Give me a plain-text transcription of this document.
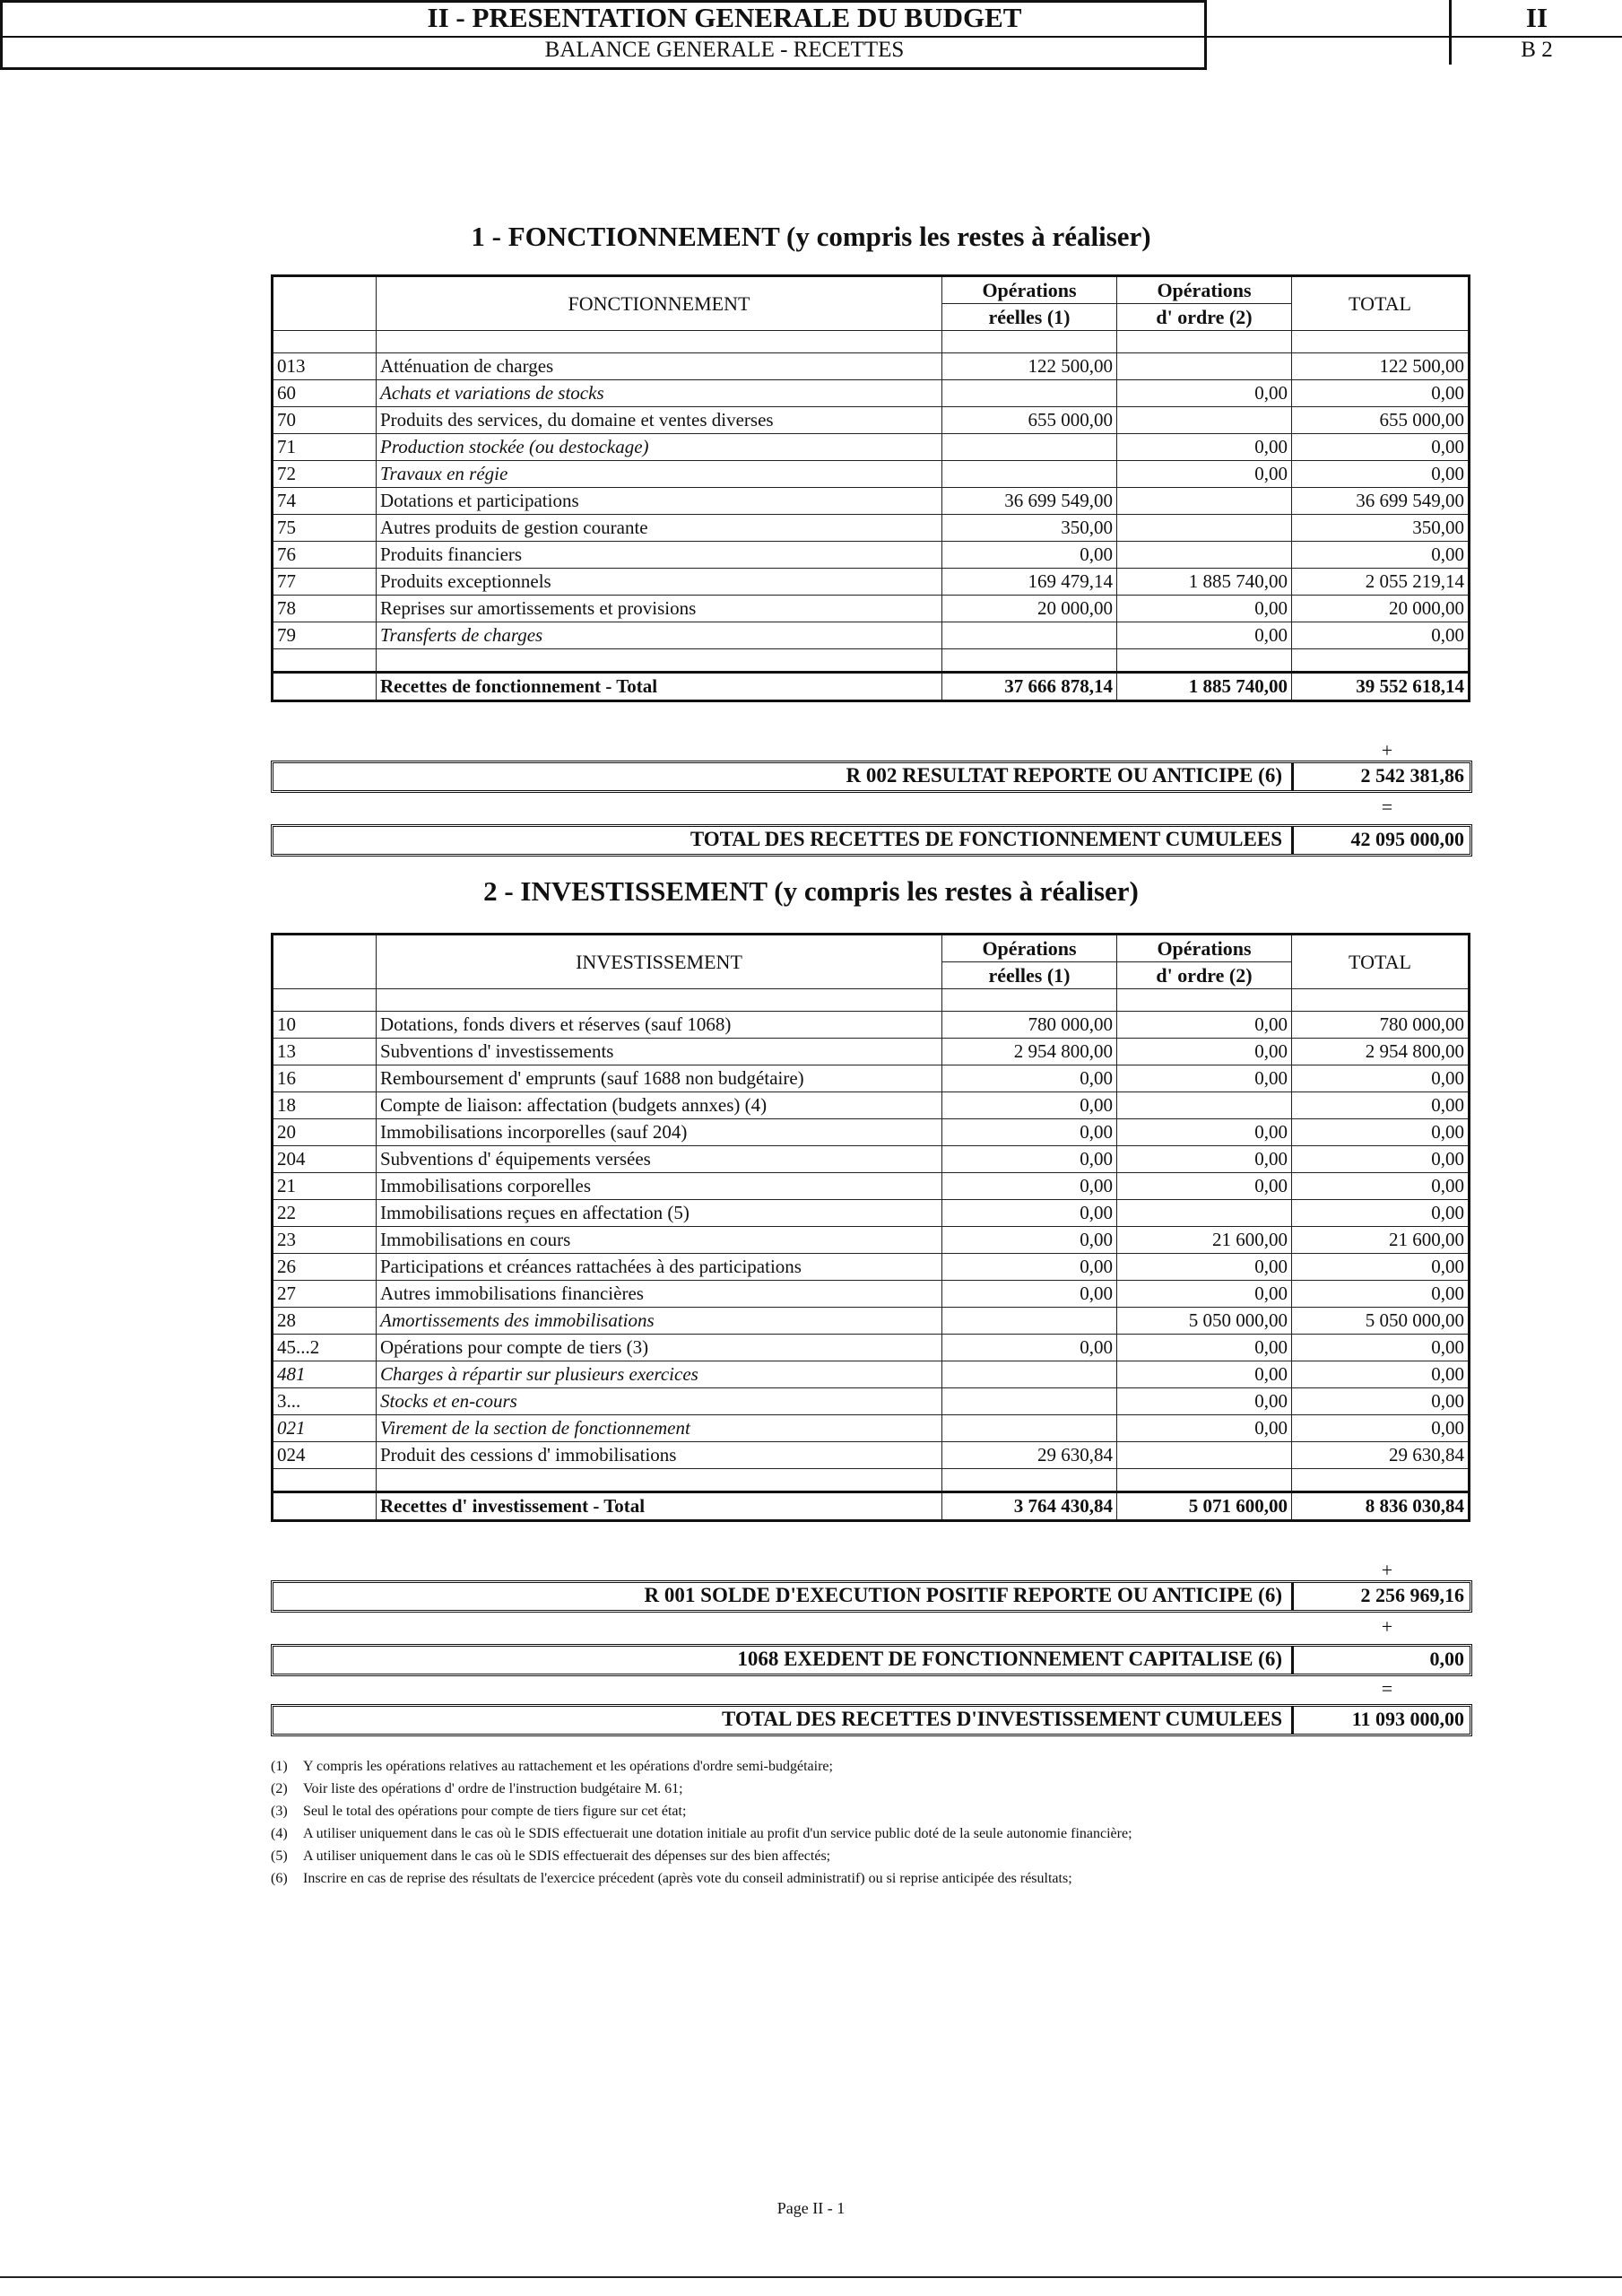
II - PRESENTATION GENERALE DU BUDGET	II
BALANCE GENERALE - RECETTES	B 2
1 - FONCTIONNEMENT (y compris les restes à réaliser)
	FONCTIONNEMENT	Opérations	Opérations	TOTAL
		réelles (1)	d' ordre (2)	

013	Atténuation de charges	122 500,00		122 500,00
60	Achats et variations de stocks		0,00	0,00
70	Produits des services, du domaine et ventes diverses	655 000,00		655 000,00
71	Production stockée (ou destockage)		0,00	0,00
72	Travaux en régie		0,00	0,00
74	Dotations et participations	36 699 549,00		36 699 549,00
75	Autres produits de gestion courante	350,00		350,00
76	Produits financiers	0,00		0,00
77	Produits exceptionnels	169 479,14	1 885 740,00	2 055 219,14
78	Reprises sur amortissements et provisions	20 000,00	0,00	20 000,00
79	Transferts de charges		0,00	0,00

	Recettes de fonctionnement - Total	37 666 878,14	1 885 740,00	39 552 618,14
+
R 002 RESULTAT REPORTE OU ANTICIPE (6)	2 542 381,86
=
TOTAL DES RECETTES DE FONCTIONNEMENT CUMULEES	42 095 000,00
2 - INVESTISSEMENT (y compris les restes à réaliser)
	INVESTISSEMENT	Opérations	Opérations	TOTAL
		réelles (1)	d' ordre (2)	

10	Dotations, fonds divers et réserves (sauf 1068)	780 000,00	0,00	780 000,00
13	Subventions d' investissements	2 954 800,00	0,00	2 954 800,00
16	Remboursement d' emprunts (sauf 1688 non budgétaire)	0,00	0,00	0,00
18	Compte de liaison: affectation (budgets annxes) (4)	0,00		0,00
20	Immobilisations incorporelles (sauf 204)	0,00	0,00	0,00
204	Subventions d' équipements versées	0,00	0,00	0,00
21	Immobilisations corporelles	0,00	0,00	0,00
22	Immobilisations reçues en affectation (5)	0,00		0,00
23	Immobilisations en cours	0,00	21 600,00	21 600,00
26	Participations et créances rattachées à des participations	0,00	0,00	0,00
27	Autres immobilisations financières	0,00	0,00	0,00
28	Amortissements des immobilisations		5 050 000,00	5 050 000,00
45...2	Opérations pour compte de tiers (3)	0,00	0,00	0,00
481	Charges à répartir sur plusieurs exercices		0,00	0,00
3...	Stocks et en-cours		0,00	0,00
021	Virement de la section de fonctionnement		0,00	0,00
024	Produit des cessions d' immobilisations	29 630,84		29 630,84

	Recettes d' investissement - Total	3 764 430,84	5 071 600,00	8 836 030,84
+
R 001 SOLDE D'EXECUTION POSITIF REPORTE OU ANTICIPE (6)	2 256 969,16
+
1068 EXEDENT DE FONCTIONNEMENT CAPITALISE (6)	0,00
=
TOTAL DES RECETTES D'INVESTISSEMENT CUMULEES	11 093 000,00
(1) Y compris les opérations relatives au rattachement et les opérations d'ordre semi-budgétaire;
(2) Voir liste des opérations d' ordre de l'instruction budgétaire M. 61;
(3) Seul le total des opérations pour compte de tiers figure sur cet état;
(4) A utiliser uniquement dans le cas où le SDIS effectuerait une dotation initiale au profit d'un service public doté de la seule autonomie financière;
(5) A utiliser uniquement dans le cas où le SDIS effectuerait des dépenses sur des bien affectés;
(6) Inscrire en cas de reprise des résultats de l'exercice précedent (après vote du conseil administratif) ou si reprise anticipée des résultats;
Page II - 1
